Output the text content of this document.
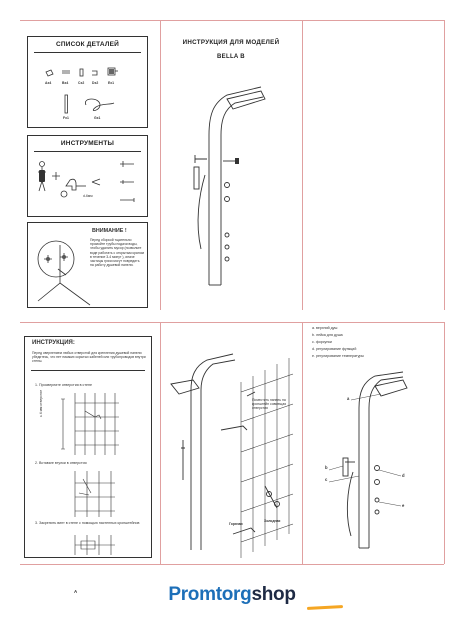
СПИСОК ДЕТАЛЕЙ
Ax4	Bx4	Cx2 Dx2	Ex1
Fx1	Gx1
ИНСТРУМЕНТЫ
d-6мм
ВНИМАНИЕ !
Перед сборкой тщательно промойте трубы подачи воды, чтобы удалить мусор (позвольте воде работать с открытым краном в течение 3-4 минут ), иначе частицы грязи могут повредить на работу душевой панели.
ИНСТРУКЦИЯ ДЛЯ МОДЕЛЕЙ
BELLA B
ИНСТРУКЦИЯ:
Перед сверлением любых отверстий для крепления душевой панели убедитесь, что нет никаких скрытых кабелей или трубопроводов внутри стены.
1. Просверлите отверстия в стене
≤ 4 мм отверстие
2. Вставьте втулки в отверстия
3. Закрепить винт в стене с помощью настенных кронштейнов
А
Поместить панель на кронштейн совмещая отверстия
Горячая
Холодная
a. верхний душ
b. лейка для душа
c. форсунки
d. регулирование функций
e. регулирование температуры
a
b
c
d
e
Promtorgshop
